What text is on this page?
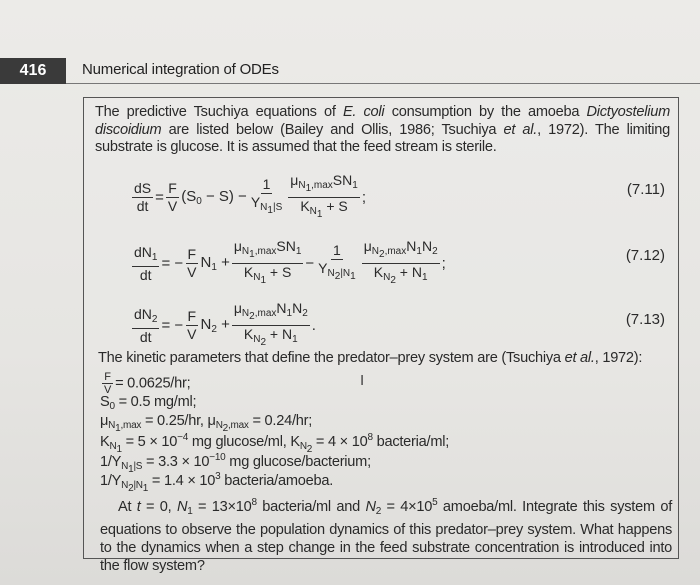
416	Numerical integration of ODEs
The predictive Tsuchiya equations of E. coli consumption by the amoeba Dictyostelium discoidium are listed below (Bailey and Ollis, 1986; Tsuchiya et al., 1972). The limiting substrate is glucose. It is assumed that the feed stream is sterile.
$\frac{dS}{dt} = \frac{F}{V} (S_0 - S) - \frac{1}{Y_{N_1|S}} \frac{\mu_{N_1,max}SN_1}{K_{N_1} + S}$ ;	(7.11)
$\frac{dN_1}{dt}$ = − $\frac{F}{V} N_1 + \frac{\mu_{N_1,max}SN_1}{K_{N_1} + S} - \frac{1}{Y_{N_2|N_1}} \frac{\mu_{N_2,max}N_1N_2}{K_{N_2} + N_1}$ ;	(7.12)
$\frac{dN_2}{dt}$ = − $\frac{F}{V} N_2 + \frac{\mu_{N_2,max}N_1N_2}{K_{N_2} + N_1}$ .	(7.13)
The kinetic parameters that define the predator–prey system are (Tsuchiya et al., 1972):
I
$\frac{F}{V} = 0.0625/hr$;
$S_0 = 0.5$ mg/ml;
$\mu_{N_1,max} = 0.25/hr$, $\mu_{N_2,max} = 0.24/hr$;
$K_{N_1} = 5 \times 10^{-4}$ mg glucose/ml, $K_{N_2} = 4 \times 10^8$ bacteria/ml;
$1/Y_{N_1|S} = 3.3 \times 10^{-10}$ mg glucose/bacterium;
$1/Y_{N_2|N_1} = 1.4 \times 10^3$ bacteria/amoeba.
At t = 0, $N_1 = 13\times 10^8$ bacteria/ml and $N_2 = 4\times 10^5$ amoeba/ml. Integrate this system of equations to observe the population dynamics of this predator–prey system. What happens to the dynamics when a step change in the feed substrate concentration is introduced into the flow system?
